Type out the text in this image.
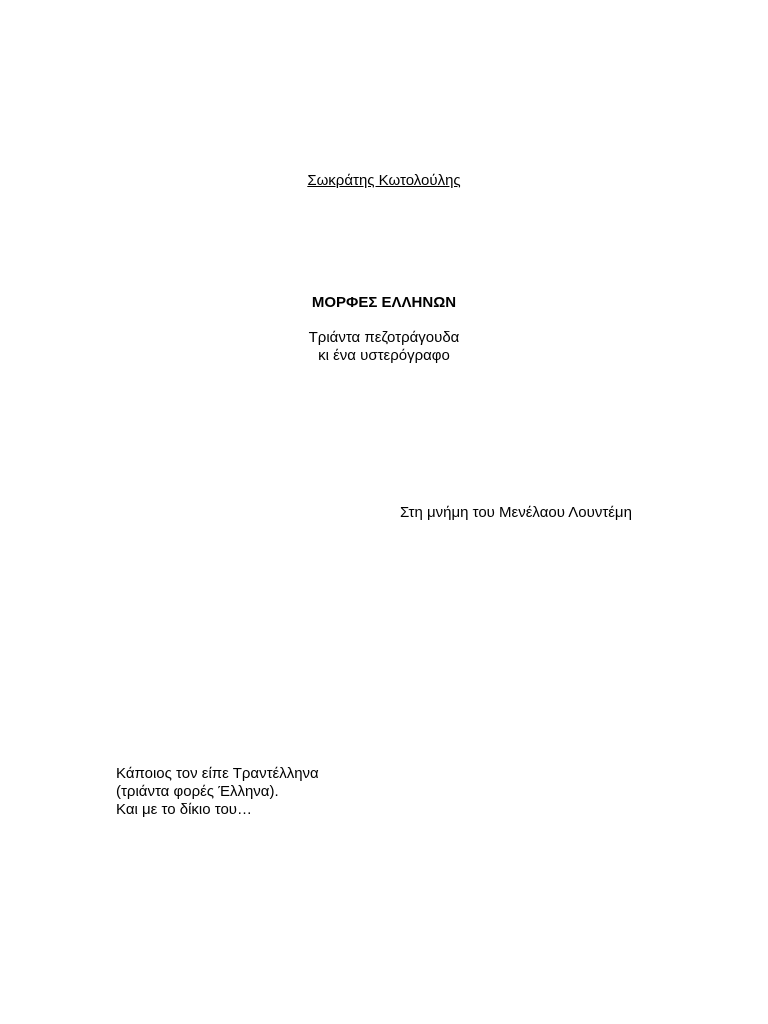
Σωκράτης Κωτολούλης
ΜΟΡΦΕΣ ΕΛΛΗΝΩΝ
Τριάντα πεζοτράγουδα
κι ένα υστερόγραφο
Στη μνήμη του Μενέλαου Λουντέμη
Κάποιος τον είπε Τραντέλληνα
(τριάντα φορές Έλληνα).
Και με το δίκιο του…
